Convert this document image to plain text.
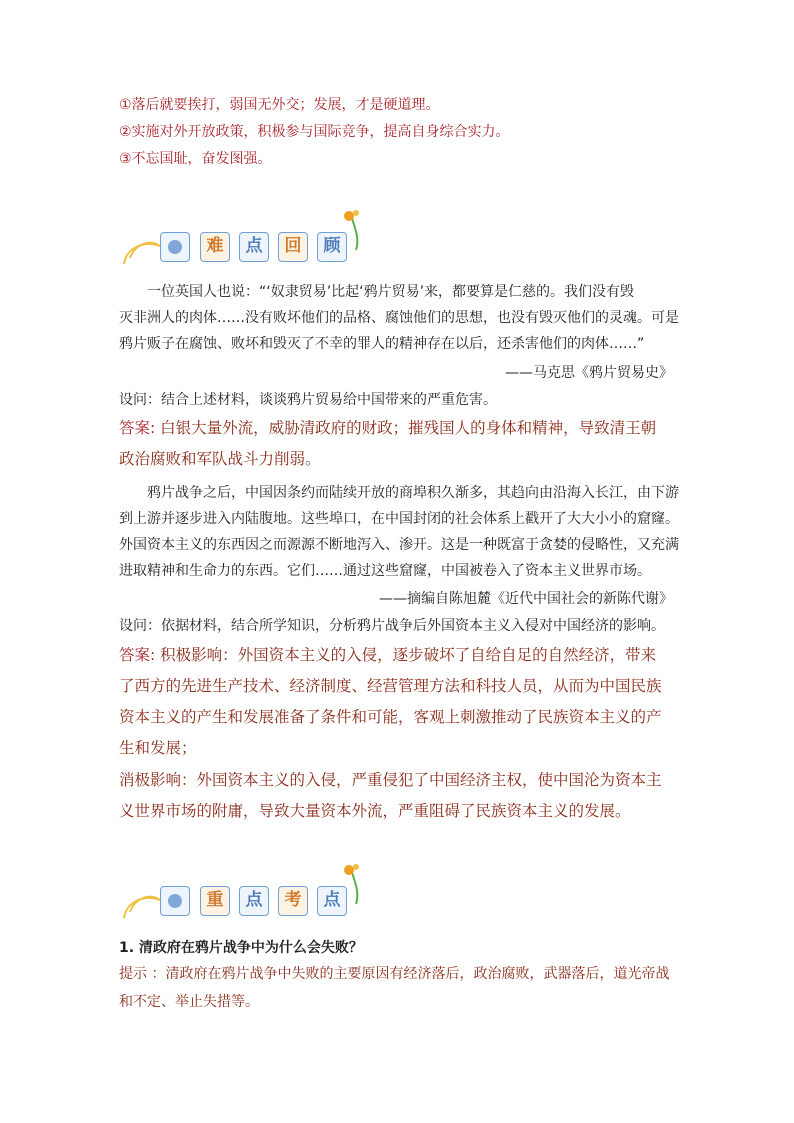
①落后就要挨打，弱国无外交；发展，才是硬道理。
②实施对外开放政策，积极参与国际竞争，提高自身综合实力。
③不忘国耻，奋发图强。
难	点	回	顾
一位英国人也说：“‘奴隶贸易’比起‘鸦片贸易’来，都要算是仁慈的。我们没有毁
灭非洲人的肉体……没有败坏他们的品格、腐蚀他们的思想，也没有毁灭他们的灵魂。可是
鸦片贩子在腐蚀、败坏和毁灭了不幸的罪人的精神存在以后，还杀害他们的肉体……”
——马克思《鸦片贸易史》
设问：结合上述材料，谈谈鸦片贸易给中国带来的严重危害。
答案: 白银大量外流，威胁清政府的财政；摧残国人的身体和精神，导致清王朝
政治腐败和军队战斗力削弱。
鸦片战争之后，中国因条约而陆续开放的商埠积久渐多，其趋向由沿海入长江，由下游
到上游并逐步进入内陆腹地。这些埠口，在中国封闭的社会体系上戳开了大大小小的窟窿。
外国资本主义的东西因之而源源不断地泻入、渗开。这是一种既富于贪婪的侵略性，又充满
进取精神和生命力的东西。它们……通过这些窟窿，中国被卷入了资本主义世界市场。
——摘编自陈旭麓《近代中国社会的新陈代谢》
设问：依据材料，结合所学知识，分析鸦片战争后外国资本主义入侵对中国经济的影响。
答案: 积极影响：外国资本主义的入侵，逐步破坏了自给自足的自然经济，带来
了西方的先进生产技术、经济制度、经营管理方法和科技人员，从而为中国民族
资本主义的产生和发展准备了条件和可能，客观上刺激推动了民族资本主义的产
生和发展；
消极影响：外国资本主义的入侵，严重侵犯了中国经济主权，使中国沦为资本主
义世界市场的附庸，导致大量资本外流，严重阻碍了民族资本主义的发展。
重	点	考	点
1. 清政府在鸦片战争中为什么会失败？
提示 ：清政府在鸦片战争中失败的主要原因有经济落后，政治腐败，武器落后，道光帝战
和不定、举止失措等。
